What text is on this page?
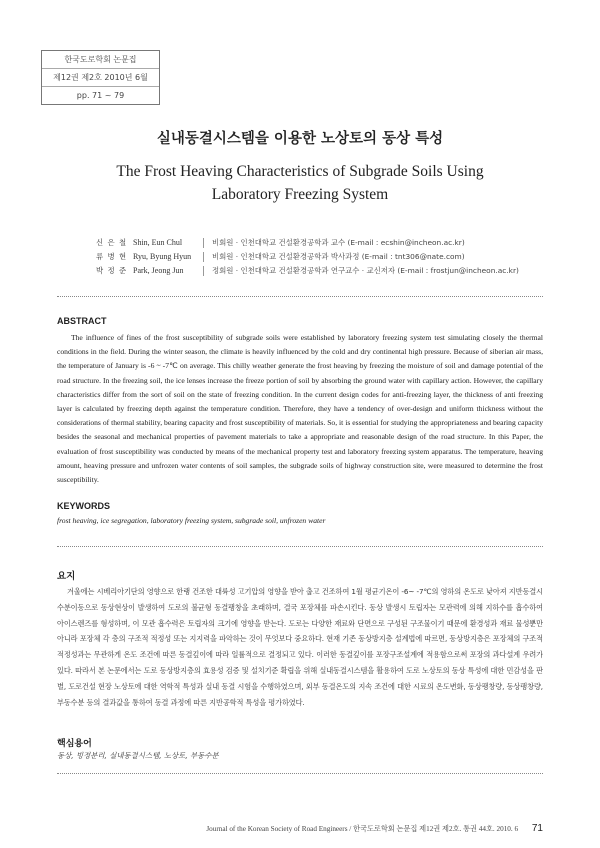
한국도로학회 논문집
제12권 제2호 2010년 6월
pp. 71 ~ 79
실내동결시스템을 이용한 노상토의 동상 특성
The Frost Heaving Characteristics of Subgrade Soils Using
Laboratory Freezing System
신 은 철 Shin, Eun Chul	비회원 · 인천대학교 건설환경공학과 교수 (E-mail : ecshin@incheon.ac.kr)
류 병 현 Ryu, Byung Hyun	비회원 · 인천대학교 건설환경공학과 박사과정 (E-mail : tnt306@nate.com)
박 정 준 Park, Jeong Jun	정회원 · 인천대학교 건설환경공학과 연구교수 · 교신저자 (E-mail : frostjun@incheon.ac.kr)
ABSTRACT
The influence of fines of the frost susceptibility of subgrade soils were established by laboratory freezing system test simulating closely the thermal conditions in the field. During the winter season, the climate is heavily influenced by the cold and dry continental high pressure. Because of siberian air mass, the temperature of January is -6 ~ -7℃ on average. This chilly weather generate the frost heaving by freezing the moisture of soil and damage potential of the road structure. In the freezing soil, the ice lenses increase the freeze portion of soil by absorbing the ground water with capillary action. However, the capillary characteristics differ from the sort of soil on the state of freezing condition. In the current design codes for anti-freezing layer, the thickness of anti freezing layer is calculated by freezing depth against the temperature condition. Therefore, they have a tendency of over-design and uniform thickness without the considerations of thermal stability, bearing capacity and frost susceptibility of materials. So, it is essential for studying the appropriateness and bearing capacity besides the seasonal and mechanical properties of pavement materials to take a appropriate and reasonable design of the road structure. In this Paper, the evaluation of frost susceptibility was conducted by means of the mechanical property test and laboratory freezing system apparatus. The temperature, heaving amount, heaving pressure and unfrozen water contents of soil samples, the subgrade soils of highway construction site, were measured to determine the frost susceptibility.
KEYWORDS
frost heaving, ice segregation, laboratory freezing system, subgrade soil, unfrozen water
요지
겨울에는 시베리아기단의 영향으로 한랭 건조한 대륙성 고기압의 영향을 받아 춥고 건조하여 1월 평균기온이 -6~ -7℃의 영하의 온도로 낮아져 지반동결시 수분이동으로 동상현상이 발생하여 도로의 불균형 동결팽창을 초래하며, 결국 포장체를 파손시킨다. 동상 발생시 토립자는 모관력에 의해 지하수를 흡수하여 아이스렌즈를 형성하며, 이 모관 흡수력은 토립자의 크기에 영향을 받는다. 도로는 다양한 재료와 단면으로 구성된 구조물이기 때문에 환경성과 재료 물성뿐만 아니라 포장체 각 층의 구조적 적정성 또는 지지력을 파악하는 것이 무엇보다 중요하다. 현재 기존 동상방지층 설계법에 따르면, 동상방지층은 포장체의 구조적 적정성과는 무관하게 온도 조건에 따른 동결깊이에 따라 일률적으로 결정되고 있다. 이러한 동결깊이를 포장구조설계에 적용함으로써 포장의 과다설계 우려가 있다. 따라서 본 논문에서는 도로 동상방지층의 효용성 검증 및 설치기준 확립을 위해 실내동결시스템을 활용하여 도로 노상토의 동상 특성에 대한 민감성을 판별, 도로건설 현장 노상토에 대한 역학적 특성과 실내 동결 시험을 수행하였으며, 외부 동결온도의 지속 조건에 대한 시료의 온도변화, 동상팽창량, 동상팽창량, 부동수분 등의 결과값을 통하여 동결 과정에 따른 지반공학적 특성을 평가하였다.
핵심용어
동상, 빙정분리, 실내동결시스템, 노상토, 부동수분
Journal of the Korean Society of Road Engineers / 한국도로학회 논문집 제12권 제2호. 통권 44호. 2010. 6 71
